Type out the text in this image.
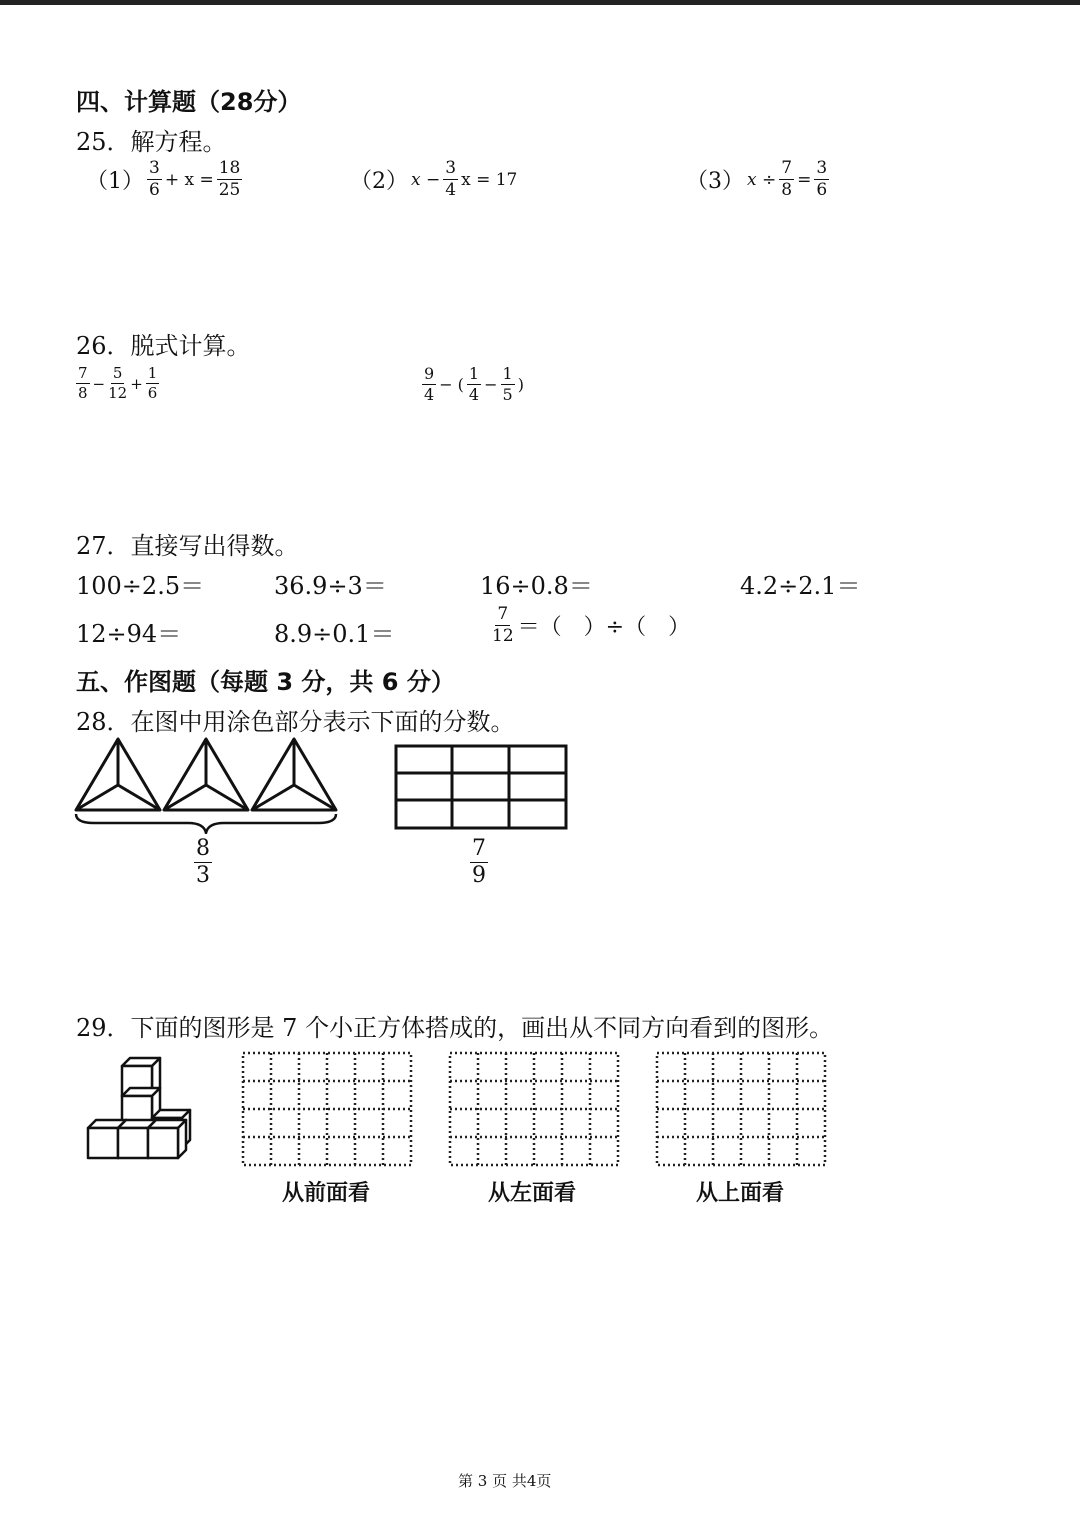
四、计算题（28分）
25．解方程。
$(1) \frac{3}{6} + x = \frac{18}{25}$	（2） $x - \frac{3}{4}$ x = 17	（3） $x \div \frac{7}{8} = \frac{3}{6}$
26．脱式计算。
$\frac{7}{8} - \frac{5}{12} + \frac{1}{6}$	$\frac{9}{4}$ − ( $\frac{1}{4} - \frac{1}{5}$ )
27．直接写出得数。
100÷2.5＝	36.9÷3＝	16÷0.8＝	4.2÷2.1＝
12÷94＝	8.9÷0.1＝	$\frac{7}{12}$ ＝（　）÷（　）
五、作图题（每题 3 分，共 6 分）
28．在图中用涂色部分表示下面的分数。
$\frac{8}{3}$	$\frac{7}{9}$
29．下面的图形是 7 个小正方体搭成的，画出从不同方向看到的图形。
从前面看	从左面看	从上面看
第 3 页 共4页
